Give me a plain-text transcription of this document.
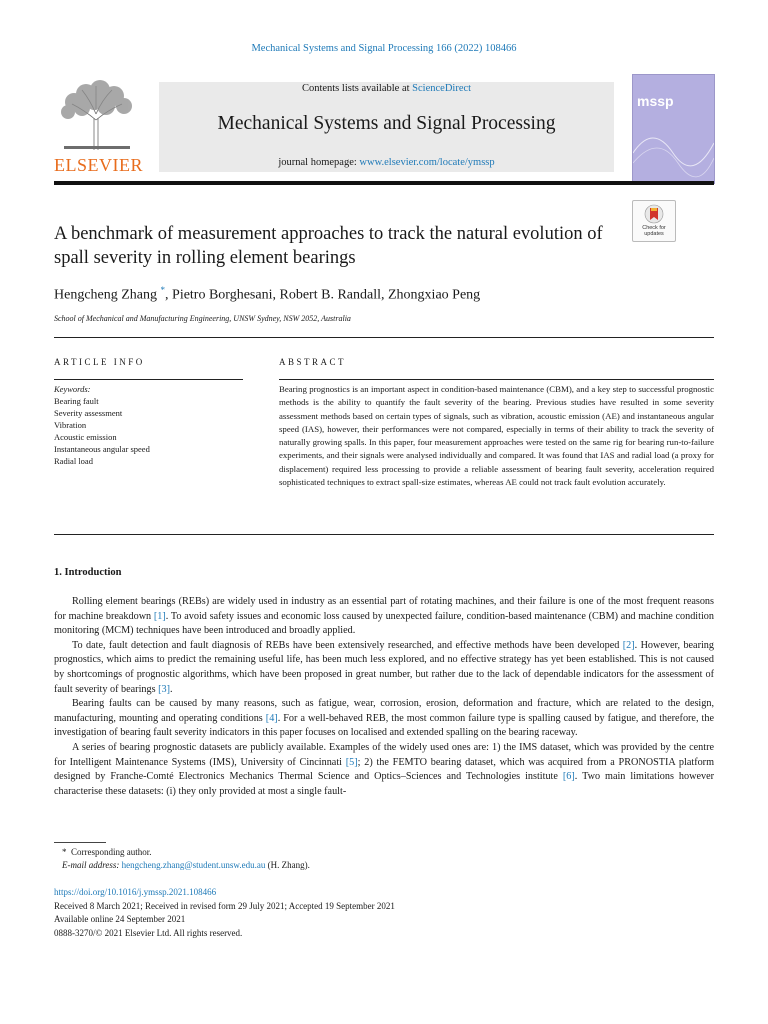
Mechanical Systems and Signal Processing 166 (2022) 108466
ELSEVIER
Contents lists available at ScienceDirect
Mechanical Systems and Signal Processing
journal homepage: www.elsevier.com/locate/ymssp
mssp
Check for updates
A benchmark of measurement approaches to track the natural evolution of spall severity in rolling element bearings
Hengcheng Zhang *, Pietro Borghesani, Robert B. Randall, Zhongxiao Peng
School of Mechanical and Manufacturing Engineering, UNSW Sydney, NSW 2052, Australia
ARTICLE INFO
Keywords:
Bearing fault
Severity assessment
Vibration
Acoustic emission
Instantaneous angular speed
Radial load
ABSTRACT
Bearing prognostics is an important aspect in condition-based maintenance (CBM), and a key step to successful prognostic methods is the ability to quantify the fault severity of the bearing. Previous studies have resulted in some severity assessment methods based on certain types of signals, such as vibration, acoustic emission (AE) and instantaneous angular speed (IAS), however, their performances were not compared, especially in terms of their ability to track the severity of naturally growing spalls. In this paper, four measurement approaches were tested on the same rig for bearing run-to-failure experiments, and their signals were analysed individually and compared. It was found that IAS and radial load (a proxy for displacement) required less processing to provide a reliable assessment of bearing fault severity, acceleration required sophisticated techniques to extract spall-size estimates, whereas AE could not track fault evolution accurately.
1. Introduction

Rolling element bearings (REBs) are widely used in industry as an essential part of rotating machines, and their failure is one of the most frequent reasons for machine breakdown [1]. To avoid safety issues and economic loss caused by unexpected failure, condition-based maintenance (CBM) and machine condition monitoring (MCM) techniques have been introduced and broadly applied.

To date, fault detection and fault diagnosis of REBs have been extensively researched, and effective methods have been developed [2]. However, bearing prognostics, which aims to predict the remaining useful life, has been much less explored, and no effective strategy has yet been established. This is not caused by shortcomings of prognostic algorithms, which have been proposed in great number, but rather due to the lack of dependable indicators for the assessment of fault severity of bearings [3].

Bearing faults can be caused by many reasons, such as fatigue, wear, corrosion, erosion, deformation and fracture, which are related to the design, manufacturing, mounting and operating conditions [4]. For a well-behaved REB, the most common failure type is spalling caused by fatigue, and therefore, the investigation of bearing fault severity indicators in this paper focuses on localised and extended spalling on the bearing raceway.

A series of bearing prognostic datasets are publicly available. Examples of the widely used ones are: 1) the IMS dataset, which was provided by the centre for Intelligent Maintenance Systems (IMS), University of Cincinnati [5]; 2) the FEMTO bearing dataset, which was acquired from a PRONOSTIA platform designed by Franche-Comté Electronics Mechanics Thermal Science and Optics–Sciences and Technologies institute [6]. Two main limitations however characterise these datasets: (i) they only provided at most a single fault-

* Corresponding author.
E-mail address: hengcheng.zhang@student.unsw.edu.au (H. Zhang).
https://doi.org/10.1016/j.ymssp.2021.108466
Received 8 March 2021; Received in revised form 29 July 2021; Accepted 19 September 2021
Available online 24 September 2021
0888-3270/© 2021 Elsevier Ltd. All rights reserved.
